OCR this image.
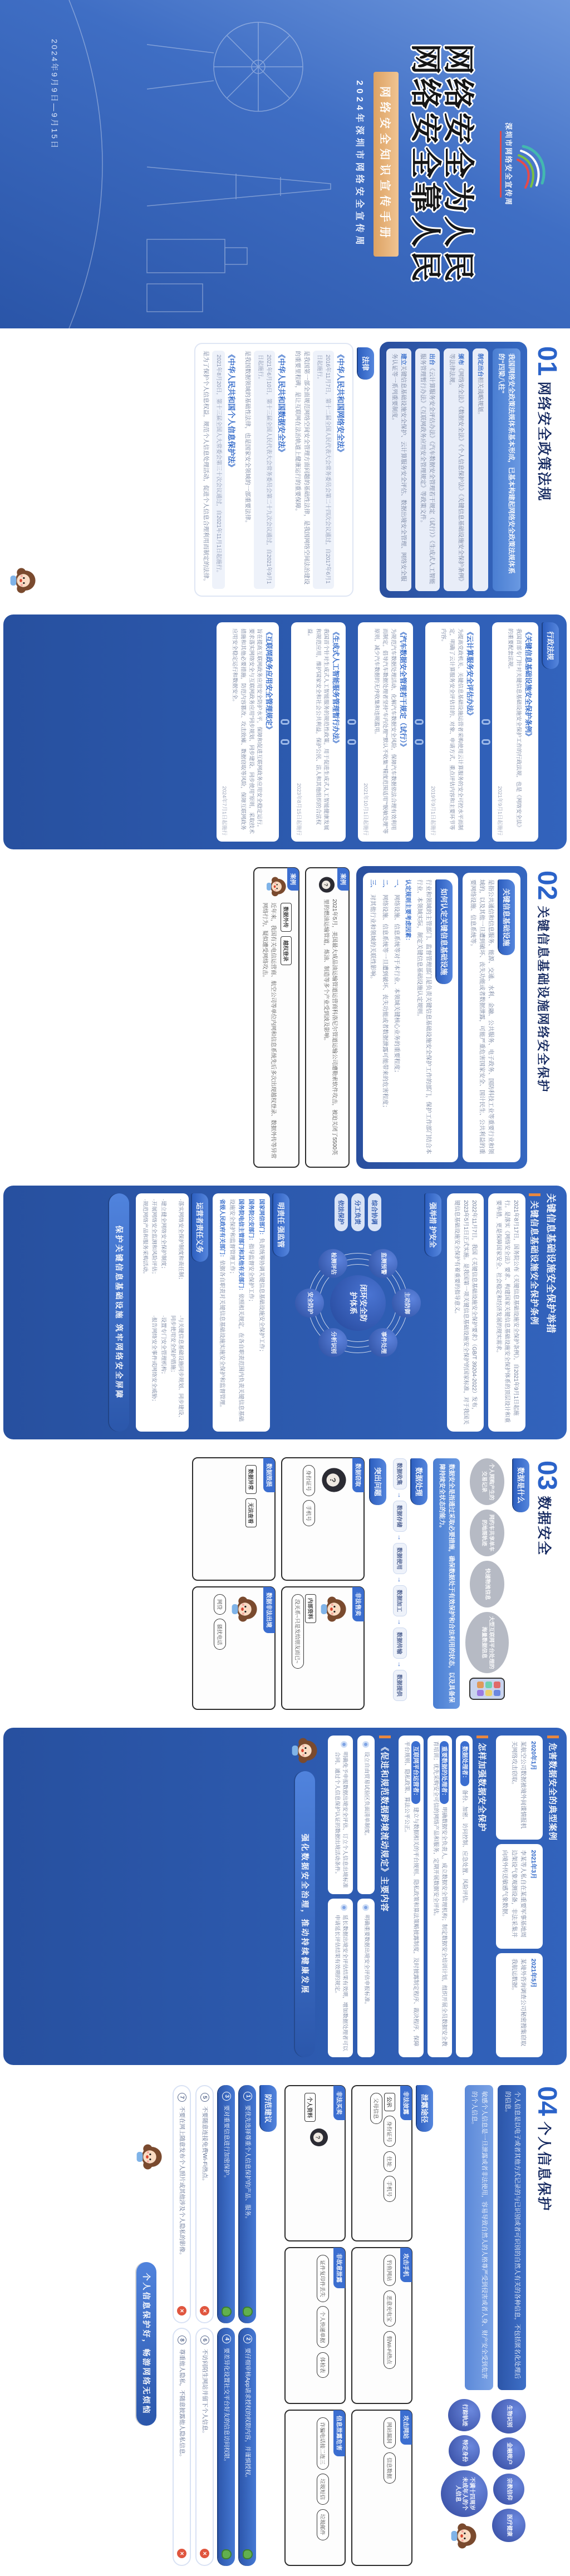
深圳市网络安全宣传周
网络安全为人民
网络安全靠人民
网络安全知识宣传手册
2024年深圳市网络安全宣传周
2024年9月9日—9月15日
01
网络安全政策法规
我国网络安全政策法规体系基本形成，已基本构建起网络安全政策法规体系的“四梁八柱”
制定出台相关战略规划。
颁布《网络安全法》《数据安全法》《个人信息保护法》《关键信息基础设施安全保护条例》等法律法规。
出台《云计算服务安全评估办法》《汽车数据安全管理若干规定（试行）》《生成式人工智能服务管理暂行办法》《互联网政务应用安全管理规定》等政策文件。
建立关键信息基础设施安全保护、云计算服务安全评估、数据出境安全管理、网络安全服务认证等一系列重要制度。
法律
《中华人民共和国网络安全法》
2016年11月7日，第十二届全国人民代表大会常务委员会第二十四次会议通过，自2017年6月1日起施行。
是我国第一部全面规范网络空间安全管理方面问题的基础性法律，是我国网络空间法治建设的重要里程碑，是让互联网在法治轨道上健康运行的重要保障。
《中华人民共和国数据安全法》
2021年6月10日，第十三届全国人民代表大会常务委员会第二十九次会议通过，自2021年9月1日起施行。
是我国数据领域的基础性法律，也是国家安全领域的一部重要法律。
《中华人民共和国个人信息保护法》
2021年8月20日，第十三届全国人大常委会第三十次会议通过，自2021年11月1日起施行。
是为了保护个人信息权益，规范个人信息处理活动，促进个人信息合理利用而制定的法律。
行政法规
《关键信息基础设施安全保护条例》
我国首部专门针对关键信息基础设施安全保护工作的行政法规，也是《网络安全法》的重要配套法规。
2021年9月1日起施行
《云计算服务安全评估办法》
为提高党政机关、关键信息基础设施运营者采购使用云计算服务的安全可控水平而制定，明确了云计算服务安全评估目的、对象、申请方式、重点评估内容和主要环节等内容。
2019年9月1日起施行
《汽车数据安全管理若干规定（试行）》
为规范汽车数据处理活动、化解汽车数据安全风险，保障汽车数据依法合理有效利用而制定，倡导汽车数据处理者坚持“车内处理”“默认不收集”“精度范围适用”“脱敏处理”等原则，减少汽车数据的无序收集和违规滥用。
2021年10月1日起施行
《生成式人工智能服务管理暂行办法》
我国首个针对生成式人工智能服务的规范性政策，用于促进生成式人工智能健康发展和规范应用，维护国家安全和社会公共利益，保护公民、法人和其他组织的合法权益。
2023年8月15日起施行
《互联网政务应用安全管理规定》
旨在提高互联网政务应用安全防护水平，保障和促进互联网政务应用安全稳定运行。要求落实网络安全与互联网政务应用“同步规划、同步建设、同步使用”原则，采取技术措施和其他必要措施，防范内容篡改、攻击致瘫、数据窃取等风险，保障互联网政务应用安全稳定运行和数据安全。
2024年7月1日起施行
02
关键信息基础设施网络安全保护
关键信息基础设施
是指公共通信和信息服务、能源、交通、水利、金融、公共服务、电子政务、国防科技工业等重要行业和领域的，以及其他一旦遭到破坏、丧失功能或者数据泄露，可能严重危害国家安全、国计民生、公共利益的重要网络设施、信息系统等。
如何认定关键信息基础设施
行业和领域的主管部门、监督管理部门是负责关键信息基础设施安全保护工作的部门，保护工作部门结合本行业、本领域实际，制定关键信息基础设施认定规则。
认定规则主要考虑因素：
一、
网络设施、信息系统等对于本行业、本领域关键核心业务的重要程度；
二、
网络设施、信息系统等一旦遭到破坏、丧失功能或者数据泄露可能带来的危害程度；
三、
对其他行业和领域的关联性影响。
案例
2021年5月，美国最大成品油运输管道运营商科洛尼尔管道运输公司遭勒索软件攻击，被迫关闭了5500英里的燃油运输管道，炼油、制造等多个产业受到波及影响。
案例
数据外传 越权登录
近年来，我国有关电信运营商、航空公司等单位内网和信息系统先后多次出现越权登录、数据外传等异常网络行为，疑似遭受网络攻击。
关键信息基础设施安全保护举措
关键信息基础设施安全保护条例
2021年8月17日，国务院公布《关键信息基础设施安全保护条例》，自2021年9月1日起施行。是落实《网络安全法》要求、构建国家关键信息基础设施安全保护体系的顶层设计和重要举措，更是保障国家安全、社会稳定和经济发展的现实需求。
2022年11月7日，我国《关键信息基础设施安全保护要求》（GB/T 39204-2022）发布，2023年5月1日正式实施。是我国第一项关键信息基础设施安全保护的国家标准，对于我国关键信息基础设施安全保护有着重要的指导意义。
强举措 护安全
综合协调
分工负责
依法保护
闭环安全防护体系	主动防御
事件处理
分析识别
安全防护
检测评估	监测预警
明责任 强监管
国家网信部门：负责统筹协调关键信息基础设施安全保护工作；
国务院公安部门：指导监督安全保护工作；
国务院电信主管部门和其他有关部门：依照相关规定，在各自职责范围内负责关键信息基础设施安全保护和监督管理工作；
省级人民政府有关部门：依据各自职责对关键信息基础设施实施安全保护和监督管理。
运营者责任义务
·落实网络安全保护制度和责任制；
·与关键信息基础设施同步规划、同步建设、同步使用安全保护措施；
·建立健全网络安全保护制度；
·设置专门安全管理机构；
·开展网络安全监测和风险评估；
·报告网络安全事件或网络安全威胁；
·规范网络产品和服务采购活动。
保护关键信息基础设施 筑牢网络安全屏障
03
数据安全
数据是什么
个人网购产生的交易记录
网约车共享单车的地图轨迹
快递物流信息
大型互联网平台处理的海量数据信息
数据安全是指通过采取必要措施，确保数据处于有效保护和合法利用的状态，以及具备保障持续安全状态的能力。
数据处理
数据收集
→
数据存储
→
数据使用
→
数据加工
→
数据传输
→
数据提供
突出问题
数据窃取
身份证号 手机号
非法售卖
内部资料 没关系~只是发给朋友而已~
数据毁损
数据异常 无法查看
数据非法出境
网贷 骚扰电话
危害数据安全的典型案例
2020年1月
某航空公司数据被境外间谍情报机关网络攻击窃取。
2021年3月
李某等人私自在某重要军事基地周边架设气象观测设备，非法采集并向境外传送敏感气象数据。
2021年5月
某境外咨询调查公司秘密搜集窃取我航运数据。
怎样加强数据安全保护
数据处理者：备份、加密、访问控制、应急处置、风险评估。
重要数据的处理者：明确数据安全负责人，成立数据安全管理机构；制定数据安全培训计划，组织开展全员数据安全教育培训；优先采购安全可信的网络产品和服务，定期开展数据安全评估。
互联网平台运营者：建立与数据相关的平台规则、隐私政策和算法策略披露制度，及时披露制定程序、裁决程序，保障平台规则、隐私政策、算法公平公正。
《促进和规范数据跨境流动规定》主要内容
设立自由贸易试验区负面清单制度。
明确重要数据出境安全评估申报标准。
明确免予申报数据出境安全评估、订立个人信息出境标准合同、通过个人信息保护认证的数据出境活动条件。
延长数据出境安全评估结果有效期，增加数据处理者可以申请延长评估结果有效期的规定。
强化数据安全治理，推动持续健康发展
04
个人信息保护
个人信息是以电子或者其他方式记录的与已识别或者可识别的自然人有关的各种信息，不包括匿名化处理后的信息。
敏感个人信息是一旦泄露或者非法使用，容易导致自然人的人格尊严受到侵害或者人身、财产安全受到危害的个人信息。
生物识别
金融账户
宗教信仰
医疗健康
行踪轨迹
特定身份
不满十四周岁未成年人的个人信息
泄露途径
非法披露
公示 身份证号 住址 手机号 父母信息
攻击手机
钓鱼网站 恶意充电宝 假Wi-Fi热点
攻击网站
网站漏洞 信息数据
非法买卖
个人资料
非故意泄露
证件复印件丢失 个人快递单据 体检表
信息泄露危害
诈骗电话接二连三 垃圾短信 垃圾邮件
防范建议
1
要优先选择尊重个人信息保护的产品、服务。
2
要仔细审核App请求授权的权限内容，并谨慎授权。
3
要对重要信息进行加密保护。
4
要差异化设置社交平台好友的信息访问权限。
5
不要随意连接免费Wi-Fi热点。
×
6
不访问陌生网站并留下个人信息。
×
7
不要在网上随意发布个人照片或其他涉及个人隐私的影像。
×
8
尊重他人隐私，不随意披露他人隐私信息。
×
个人信息保护好，畅游网络无烦恼
